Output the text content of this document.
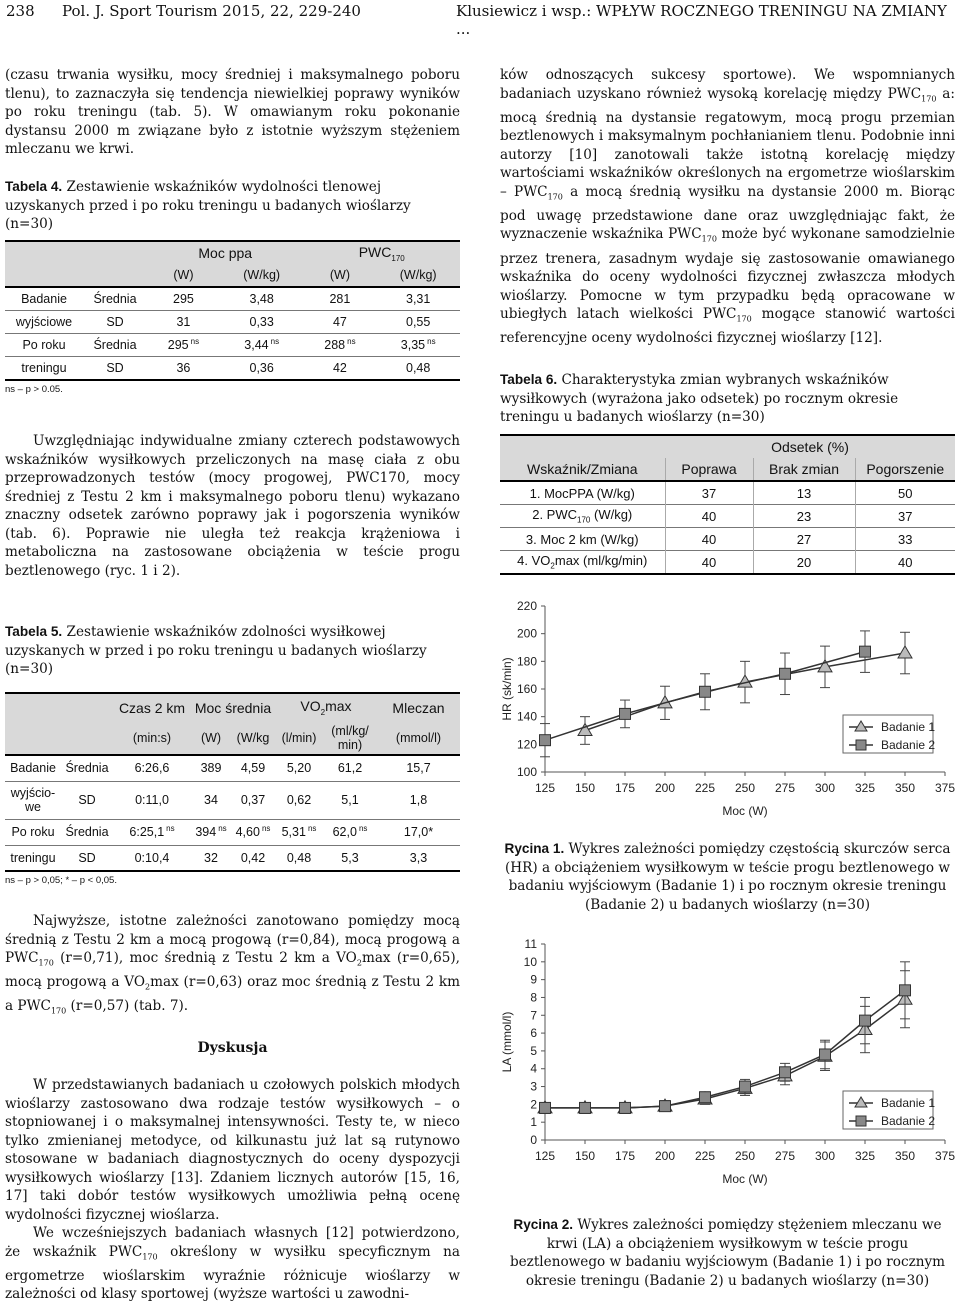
238 Pol. J. Sport Tourism 2015, 22, 229-240	Klusiewicz i wsp.: WPŁYW ROCZNEGO TRENINGU NA ZMIANY ...

(czasu trwania wysiłku, mocy średniej i maksymalnego poboru tlenu), to zaznaczyła się tendencja niewielkiej poprawy wyników po roku treningu (tab. 5). W omawianym roku pokonanie dystansu 2000 m związane było z istotnie wyższym stężeniem mleczanu we krwi.

Tabela 4. Zestawienie wskaźników wydolności tlenowej uzyskanych przed i po roku treningu u badanych wioślarzy (n=30)
		Moc ppa		$PWC_{170}$
		(W)	(W/kg)	(W)	(W/kg)
Badanie	Średnia	295	3,48	281	3,31
wyjściowe	SD	31	0,33	47	0,55
Po roku	Średnia	295 $^{ns}$	3,44 $^{ns}$	288 $^{ns}$	3,35 $^{ns}$
treningu	SD	36	0,36	42	0,48
ns – p > 0.05.

Uwzględniając indywidualne zmiany czterech podstawowych wskaźników wysiłkowych przeliczonych na masę ciała z obu przeprowadzonych testów (mocy progowej, PWC170, mocy średniej z Testu 2 km i maksymalnego poboru tlenu) wykazano znaczny odsetek zarówno poprawy jak i pogorszenia wyników (tab. 6). Poprawie nie uległa też reakcja krążeniowa i metaboliczna na zastosowane obciążenia w teście progu beztlenowego (ryc. 1 i 2).

Tabela 5. Zestawienie wskaźników zdolności wysiłkowej uzyskanych w przed i po roku treningu u badanych wioślarzy (n=30)
		Czas 2 km	Moc średnia		$VO_2\max$		Mleczan
		(min:s)	(W)	(W/kg	(l/min)	(ml/kg/ min)	(mmol/l)
Badanie	Średnia	6:26,6	389	4,59	5,20	61,2	15,7
wyjścio-we	SD	0:11,0	34	0,37	0,62	5,1	1,8
Po roku	Średnia	6:25,1 $^{ns}$	394 $^{ns}$	4,60 $^{ns}$	5,31 $^{ns}$	62,0 $^{ns}$	17,0*
treningu	SD	0:10,4	32	0,42	0,48	5,3	3,3
ns – p > 0,05; * – p < 0,05.

Najwyższe, istotne zależności zanotowano pomiędzy mocą średnią z Testu 2 km a mocą progową (r=0,84), mocą progową a $PWC_{170}$ (r=0,71), moc średnią z Testu 2 km a $VO_2\max$ (r=0,65), mocą progową a $VO_2\max$ (r=0,63) oraz moc średnią z Testu 2 km a $PWC_{170}$ (r=0,57) (tab. 7).

Dyskusja

W przedstawianych badaniach u czołowych polskich młodych wioślarzy zastosowano dwa rodzaje testów wysiłkowych – o stopniowanej i o maksymalnej intensywności. Testy te, w nieco tylko zmienianej metodyce, od kilkunastu już lat są rutynowo stosowane w badaniach diagnostycznych do oceny dyspozycji wysiłkowych wioślarzy [13]. Zdaniem licznych autorów [15, 16, 17] taki dobór testów wysiłkowych umożliwia pełną ocenę wydolności fizycznej wioślarza.

We wcześniejszych badaniach własnych [12] potwierdzono, że wskaźnik $PWC_{170}$ określony w wysiłku specyficznym na ergometrze wioślarskim wyraźnie różnicuje wioślarzy w zależności od klasy sportowej (wyższe wartości u zawodni-

ków odnoszących sukcesy sportowe). We wspomnianych badaniach uzyskano również wysoką korelację między $PWC_{170}$ a: mocą średnią na dystansie regatowym, mocą progu przemian beztlenowych i maksymalnym pochłanianiem tlenu. Podobnie inni autorzy [10] zanotowali także istotną korelację między wartościami wskaźników określonych na ergometrze wioślarskim – $PWC_{170}$ a mocą średnią wysiłku na dystansie 2000 m. Biorąc pod uwagę przedstawione dane oraz uwzględniając fakt, że wyznaczenie wskaźnika $PWC_{170}$ może być wykonane samodzielnie przez trenera, zasadnym wydaje się zastosowanie omawianego wskaźnika do oceny wydolności fizycznej zwłaszcza młodych wioślarzy. Pomocne w tym przypadku będą opracowane w ubiegłych latach wielkości $PWC_{170}$ mogące stanowić wartości referencyjne oceny wydolności fizycznej wioślarzy [12].

Tabela 6. Charakterystyka zmian wybranych wskaźników wysiłkowych (wyrażona jako odsetek) po rocznym okresie treningu u badanych wioślarzy (n=30)
	Odsetek (%)		
Wskaźnik/Zmiana	Poprawa	Brak zmian	Pogorszenie
1. MocPPA (W/kg)	37	13	50
2. $PWC_{170}$ (W/kg)	40	23	37
3. Moc 2 km (W/kg)	40	27	33
4. $VO_2\max$ (ml/kg/min)	40	20	40
100
120
140
160
180
200
220
125 150 175 200 225 250 275 300 325 350 375
Moc (W)
HR (sk/min)
Badanie 1
Badanie 2
Rycina 1. Wykres zależności pomiędzy częstością skurczów serca (HR) a obciążeniem wysiłkowym w teście progu beztlenowego w badaniu wyjściowym (Badanie 1) i po rocznym okresie treningu (Badanie 2) u badanych wioślarzy (n=30)
0
1
2
3
4
5
6
7
8
9
10
11
125 150 175 200 225 250 275 300 325 350 375
Moc (W)
LA (mmol/l)
Badanie 1
Badanie 2
Rycina 2. Wykres zależności pomiędzy stężeniem mleczanu we krwi (LA) a obciążeniem wysiłkowym w teście progu beztlenowego w badaniu wyjściowym (Badanie 1) i po rocznym okresie treningu (Badanie 2) u badanych wioślarzy (n=30)
